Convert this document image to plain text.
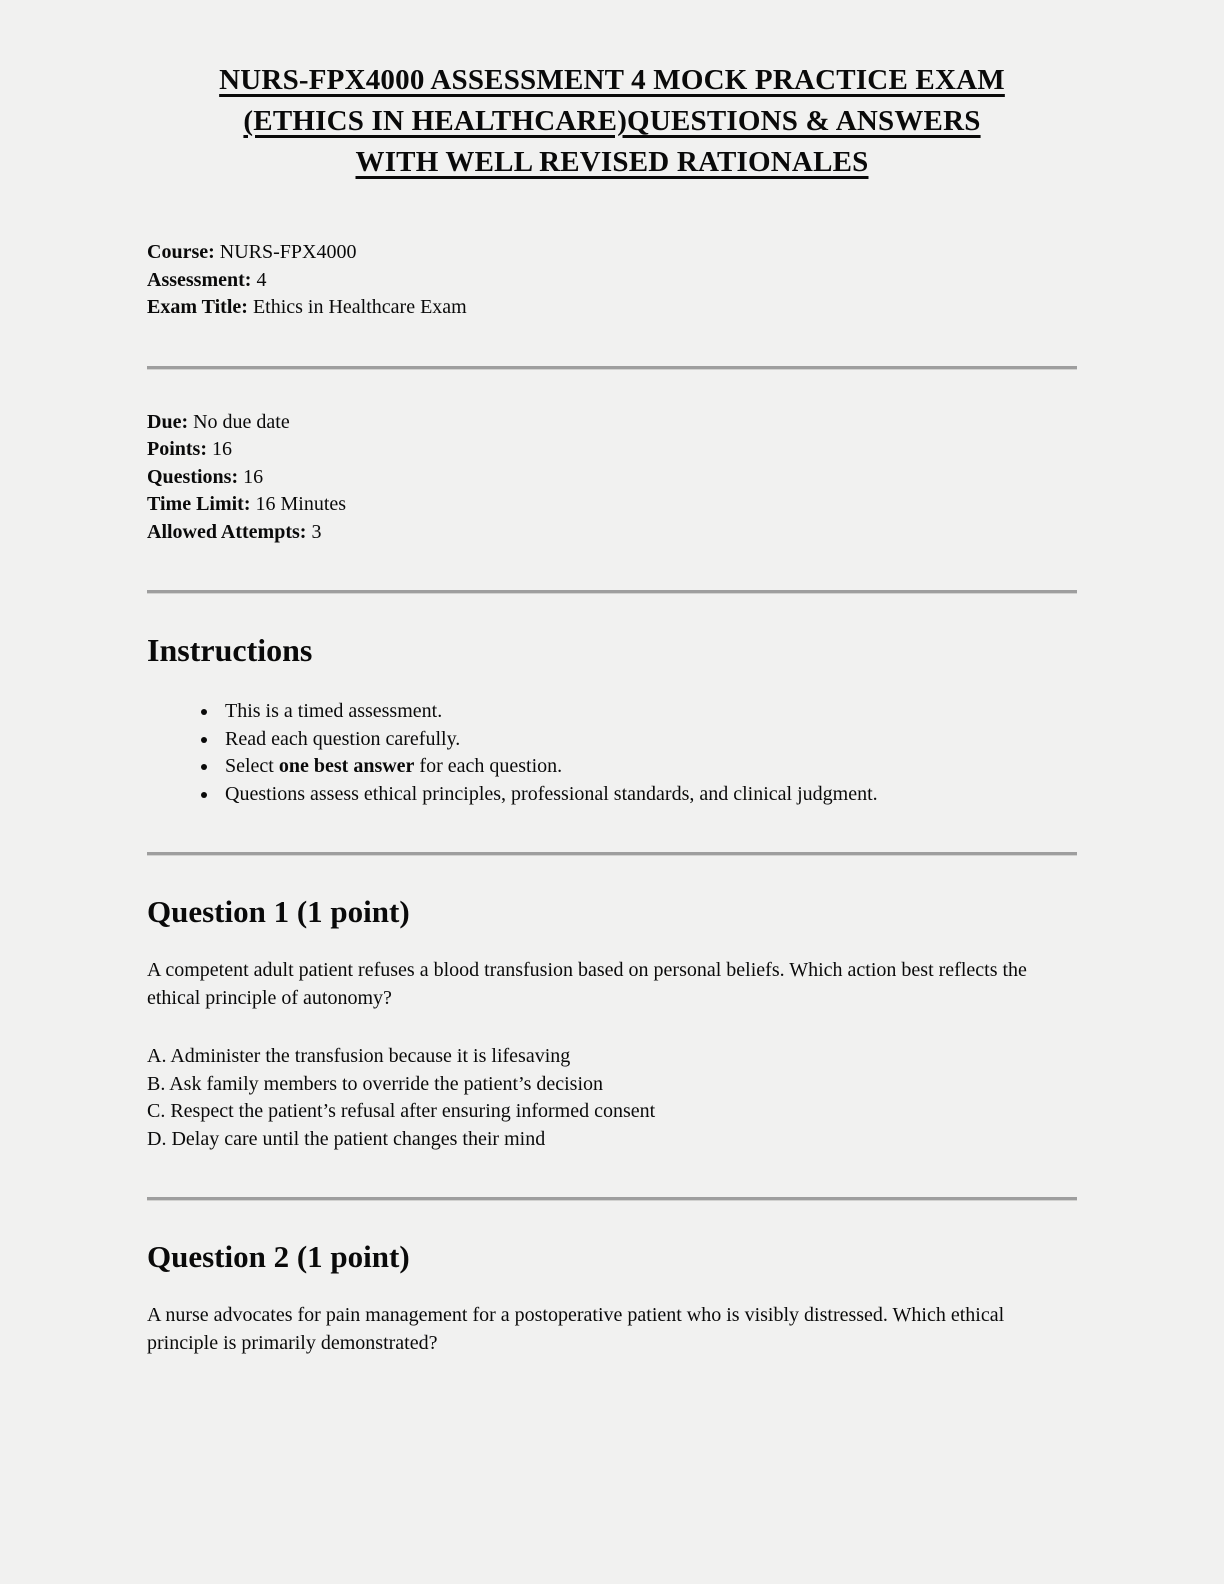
NURS-FPX4000 ASSESSMENT 4 MOCK PRACTICE EXAM
(ETHICS IN HEALTHCARE)QUESTIONS & ANSWERS
WITH WELL REVISED RATIONALES

Course: NURS-FPX4000

Assessment: 4

Exam Title: Ethics in Healthcare Exam

Due: No due date

Points: 16

Questions: 16

Time Limit: 16 Minutes

Allowed Attempts: 3

Instructions
• This is a timed assessment.
• Read each question carefully.
• Select one best answer for each question.
• Questions assess ethical principles, professional standards, and clinical judgment.
Question 1 (1 point)

A competent adult patient refuses a blood transfusion based on personal beliefs. Which action best reflects the ethical principle of autonomy?

A. Administer the transfusion because it is lifesaving
B. Ask family members to override the patient’s decision
C. Respect the patient’s refusal after ensuring informed consent
D. Delay care until the patient changes their mind
Question 2 (1 point)

A nurse advocates for pain management for a postoperative patient who is visibly distressed. Which ethical principle is primarily demonstrated?
